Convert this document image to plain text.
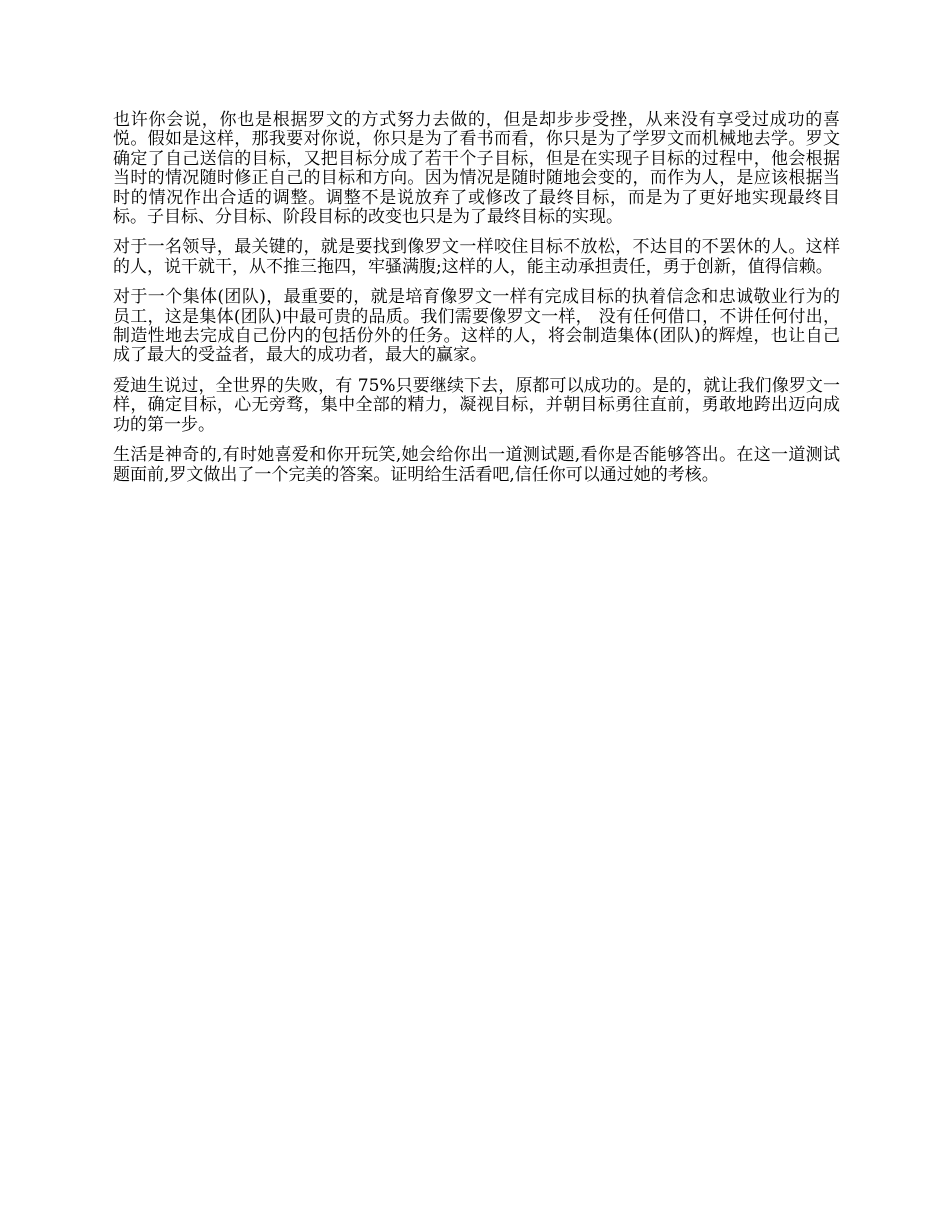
也许你会说，你也是根据罗文的方式努力去做的，但是却步步受挫，从来没有享受过成功的喜悦。假如是这样，那我要对你说，你只是为了看书而看，你只是为了学罗文而机械地去学。罗文确定了自己送信的目标，又把目标分成了若干个子目标，但是在实现子目标的过程中，他会根据当时的情况随时修正自己的目标和方向。因为情况是随时随地会变的，而作为人，是应该根据当时的情况作出合适的调整。调整不是说放弃了或修改了最终目标，而是为了更好地实现最终目标。子目标、分目标、阶段目标的改变也只是为了最终目标的实现。

对于一名领导，最关键的，就是要找到像罗文一样咬住目标不放松，不达目的不罢休的人。这样的人，说干就干，从不推三拖四，牢骚满腹;这样的人，能主动承担责任，勇于创新，值得信赖。

对于一个集体(团队)，最重要的，就是培育像罗文一样有完成目标的执着信念和忠诚敬业行为的员工，这是集体(团队)中最可贵的品质。我们需要像罗文一样， 没有任何借口，不讲任何付出，制造性地去完成自己份内的包括份外的任务。这样的人，将会制造集体(团队)的辉煌，也让自己成了最大的受益者，最大的成功者，最大的赢家。

爱迪生说过，全世界的失败，有 75%只要继续下去，原都可以成功的。是的，就让我们像罗文一样，确定目标，心无旁骛，集中全部的精力，凝视目标，并朝目标勇往直前，勇敢地跨出迈向成功的第一步。

生活是神奇的,有时她喜爱和你开玩笑,她会给你出一道测试题,看你是否能够答出。在这一道测试题面前,罗文做出了一个完美的答案。证明给生活看吧,信任你可以通过她的考核。
